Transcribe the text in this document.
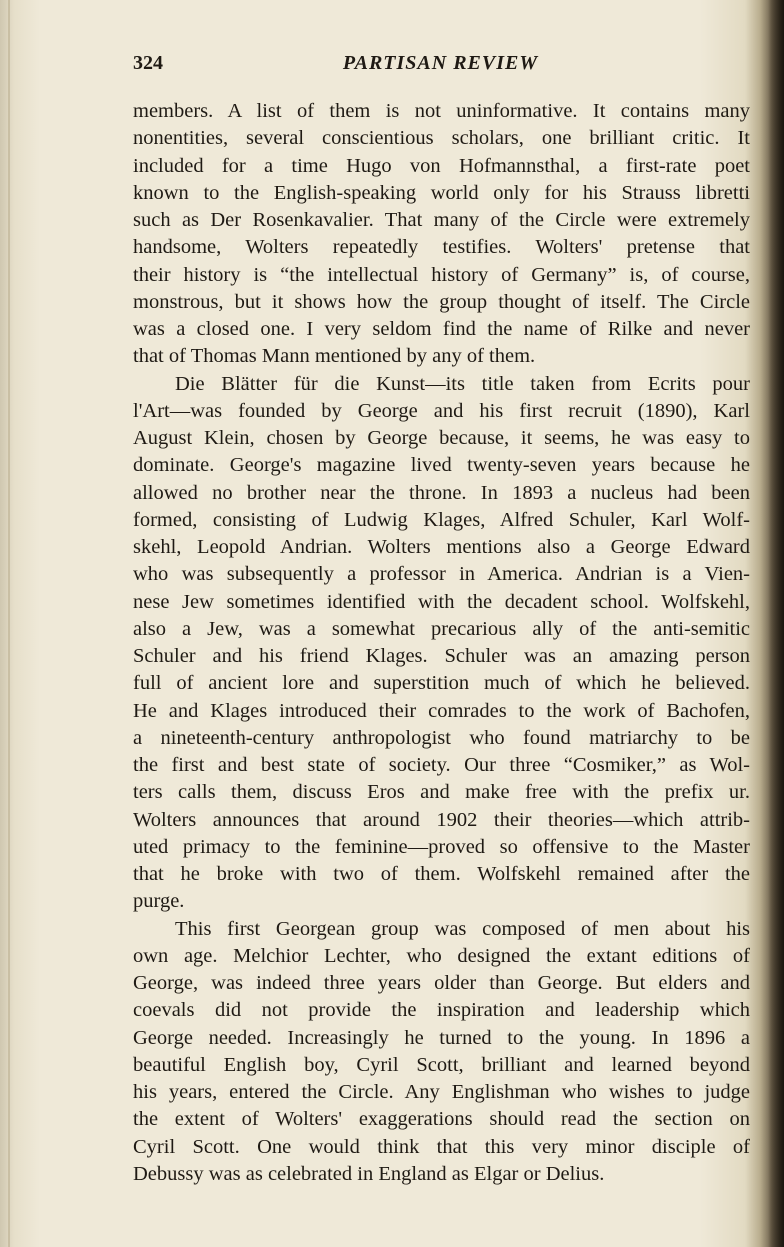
324	PARTISAN REVIEW
members. A list of them is not uninformative. It contains many
nonentities, several conscientious scholars, one brilliant critic. It
included for a time Hugo von Hofmannsthal, a first-rate poet
known to the English-speaking world only for his Strauss libretti
such as Der Rosenkavalier. That many of the Circle were extremely
handsome, Wolters repeatedly testifies. Wolters' pretense that
their history is “the intellectual history of Germany” is, of course,
monstrous, but it shows how the group thought of itself. The Circle
was a closed one. I very seldom find the name of Rilke and never
that of Thomas Mann mentioned by any of them.
Die Blätter für die Kunst—its title taken from Ecrits pour
l'Art—was founded by George and his first recruit (1890), Karl
August Klein, chosen by George because, it seems, he was easy to
dominate. George's magazine lived twenty-seven years because he
allowed no brother near the throne. In 1893 a nucleus had been
formed, consisting of Ludwig Klages, Alfred Schuler, Karl Wolf-
skehl, Leopold Andrian. Wolters mentions also a George Edward
who was subsequently a professor in America. Andrian is a Vien-
nese Jew sometimes identified with the decadent school. Wolfskehl,
also a Jew, was a somewhat precarious ally of the anti-semitic
Schuler and his friend Klages. Schuler was an amazing person
full of ancient lore and superstition much of which he believed.
He and Klages introduced their comrades to the work of Bachofen,
a nineteenth-century anthropologist who found matriarchy to be
the first and best state of society. Our three “Cosmiker,” as Wol-
ters calls them, discuss Eros and make free with the prefix ur.
Wolters announces that around 1902 their theories—which attrib-
uted primacy to the feminine—proved so offensive to the Master
that he broke with two of them. Wolfskehl remained after the
purge.
This first Georgean group was composed of men about his
own age. Melchior Lechter, who designed the extant editions of
George, was indeed three years older than George. But elders and
coevals did not provide the inspiration and leadership which
George needed. Increasingly he turned to the young. In 1896 a
beautiful English boy, Cyril Scott, brilliant and learned beyond
his years, entered the Circle. Any Englishman who wishes to judge
the extent of Wolters' exaggerations should read the section on
Cyril Scott. One would think that this very minor disciple of
Debussy was as celebrated in England as Elgar or Delius.
